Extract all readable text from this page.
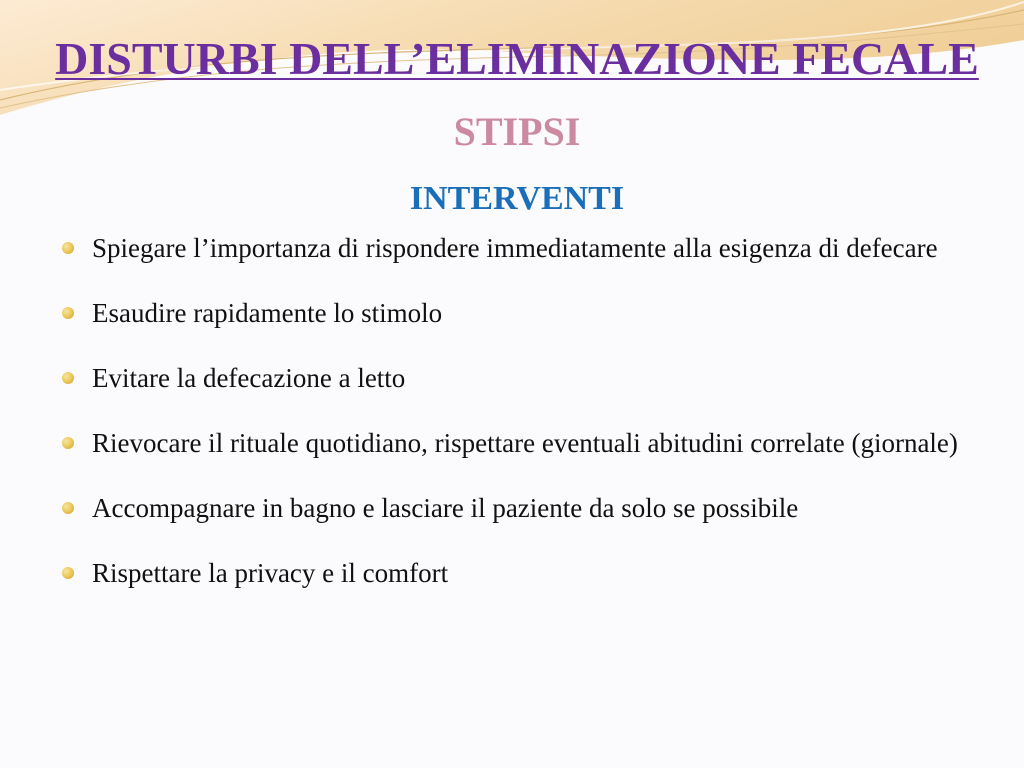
DISTURBI DELL’ELIMINAZIONE FECALE
STIPSI
INTERVENTI
Spiegare l’importanza di rispondere immediatamente alla esigenza di defecare
Esaudire rapidamente lo stimolo
Evitare la defecazione a letto
Rievocare il rituale quotidiano, rispettare eventuali abitudini correlate (giornale)
Accompagnare in bagno e lasciare il paziente da solo se possibile
Rispettare la privacy e il comfort
